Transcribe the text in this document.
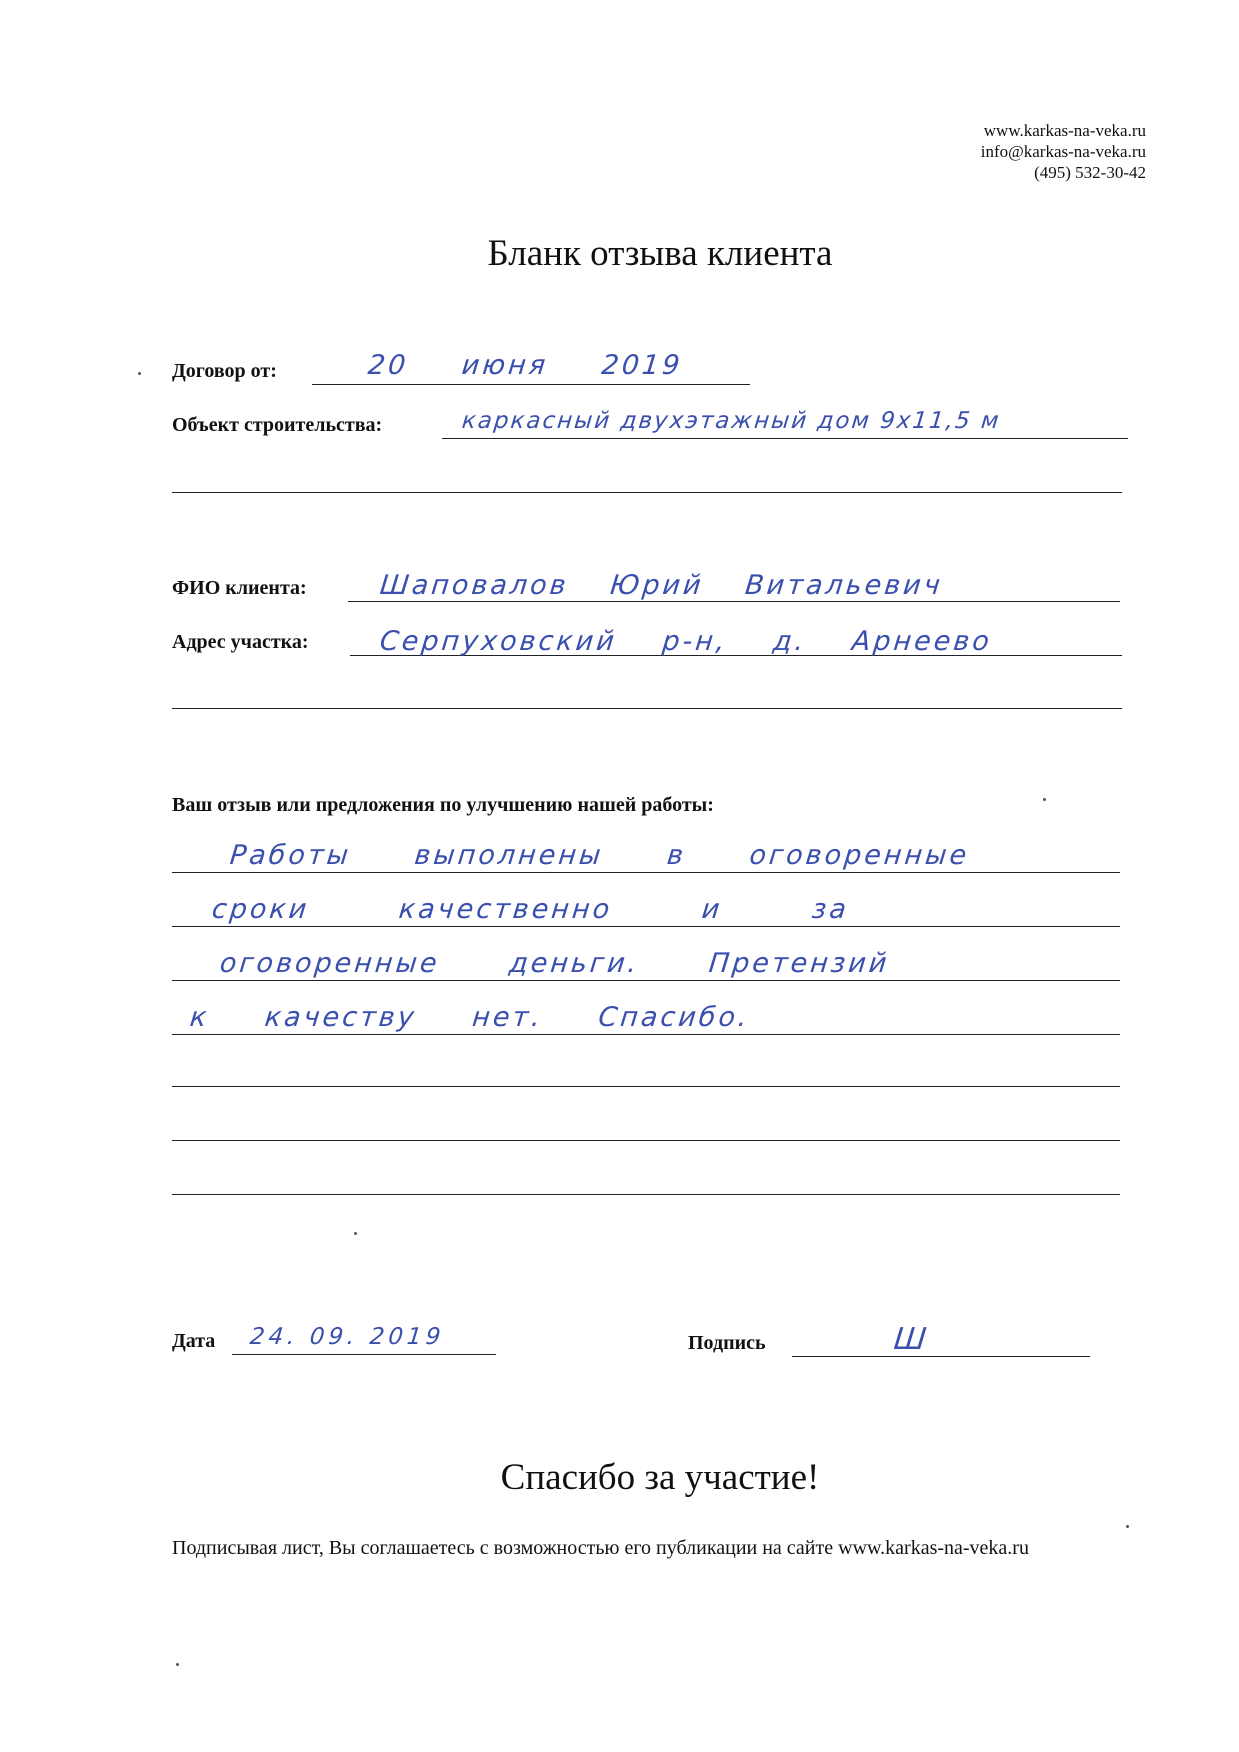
www.karkas-na-veka.ru
info@karkas-na-veka.ru
(495) 532-30-42
Бланк отзыва клиента
Договор от:	20 июня 2019
Объект строительства:	каркасный двухэтажный дом 9х11,5 м
ФИО клиента:	Шаповалов Юрий Витальевич
Адрес участка:	Серпуховский р-н, д. Арнеево
Ваш отзыв или предложения по улучшению нашей работы:
Работы выполнены в оговоренные
сроки качественно и за
оговоренные деньги. Претензий
к качеству нет. Спасибо.
Дата 24. 09. 2019	Подпись	Ш
Спасибо за участие!
Подписывая лист, Вы соглашаетесь с возможностью его публикации на сайте www.karkas-na-veka.ru
